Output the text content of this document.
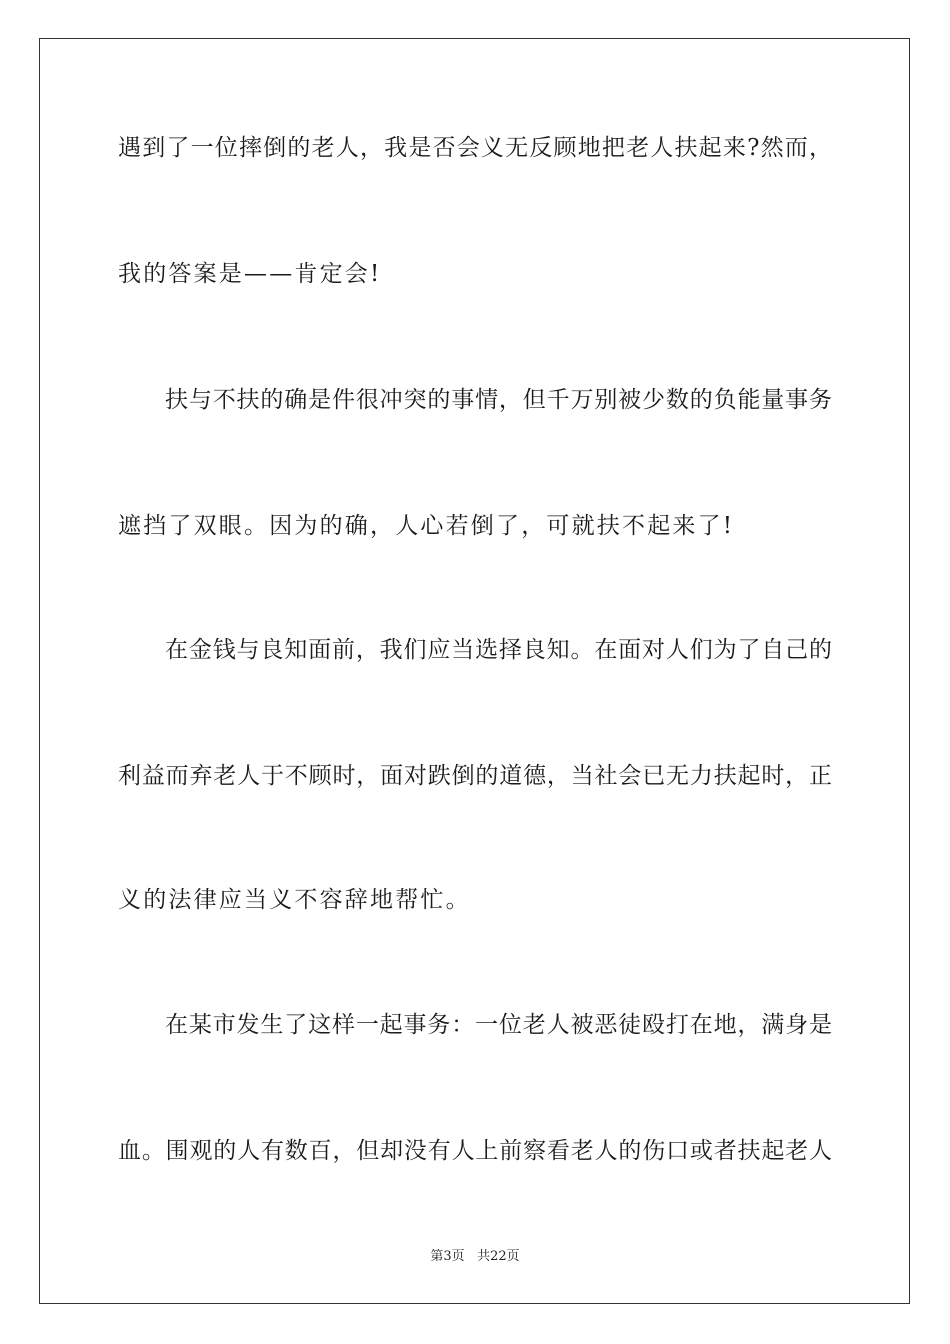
遇到了一位摔倒的老人，我是否会义无反顾地把老人扶起来?然而，
我的答案是——肯定会!
扶与不扶的确是件很冲突的事情，但千万别被少数的负能量事务
遮挡了双眼。因为的确，人心若倒了，可就扶不起来了!
在金钱与良知面前，我们应当选择良知。在面对人们为了自己的
利益而弃老人于不顾时，面对跌倒的道德，当社会已无力扶起时，正
义的法律应当义不容辞地帮忙。
在某市发生了这样一起事务：一位老人被恶徒殴打在地，满身是
血。围观的人有数百，但却没有人上前察看老人的伤口或者扶起老人
第3页 共22页
